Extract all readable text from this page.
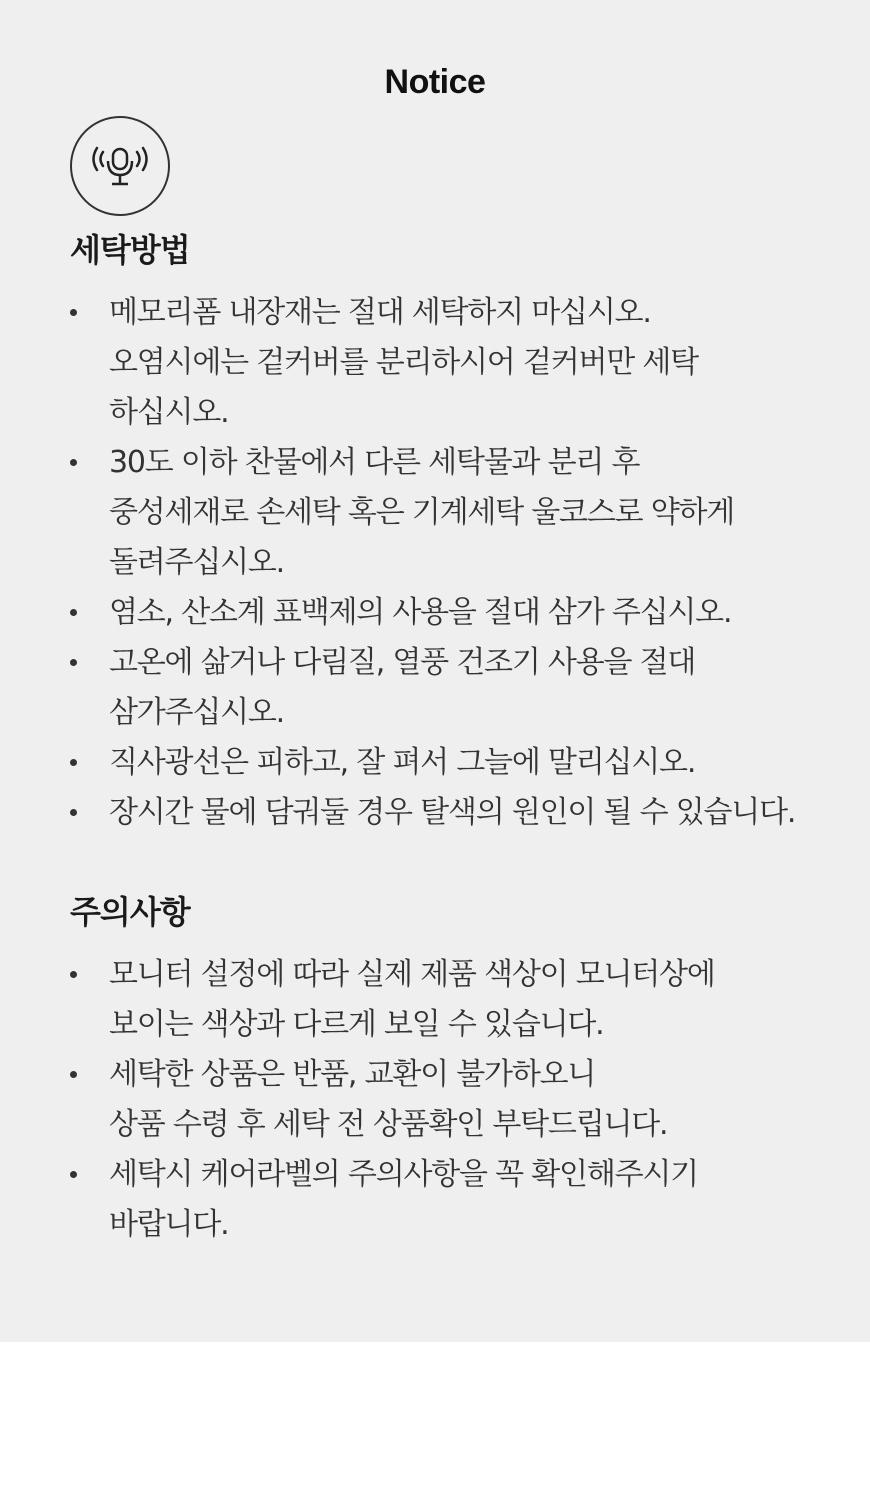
Notice
세탁방법
메모리폼 내장재는 절대 세탁하지 마십시오.
오염시에는 겉커버를 분리하시어 겉커버만 세탁
하십시오.
30도 이하 찬물에서 다른 세탁물과 분리 후
중성세재로 손세탁 혹은 기계세탁 울코스로 약하게
돌려주십시오.
염소, 산소계 표백제의 사용을 절대 삼가 주십시오.
고온에 삶거나 다림질, 열풍 건조기 사용을 절대
삼가주십시오.
직사광선은 피하고, 잘 펴서 그늘에 말리십시오.
장시간 물에 담궈둘 경우 탈색의 원인이 될 수 있습니다.
주의사항
모니터 설정에 따라 실제 제품 색상이 모니터상에
보이는 색상과 다르게 보일 수 있습니다.
세탁한 상품은 반품, 교환이 불가하오니
상품 수령 후 세탁 전 상품확인 부탁드립니다.
세탁시 케어라벨의 주의사항을 꼭 확인해주시기
바랍니다.
